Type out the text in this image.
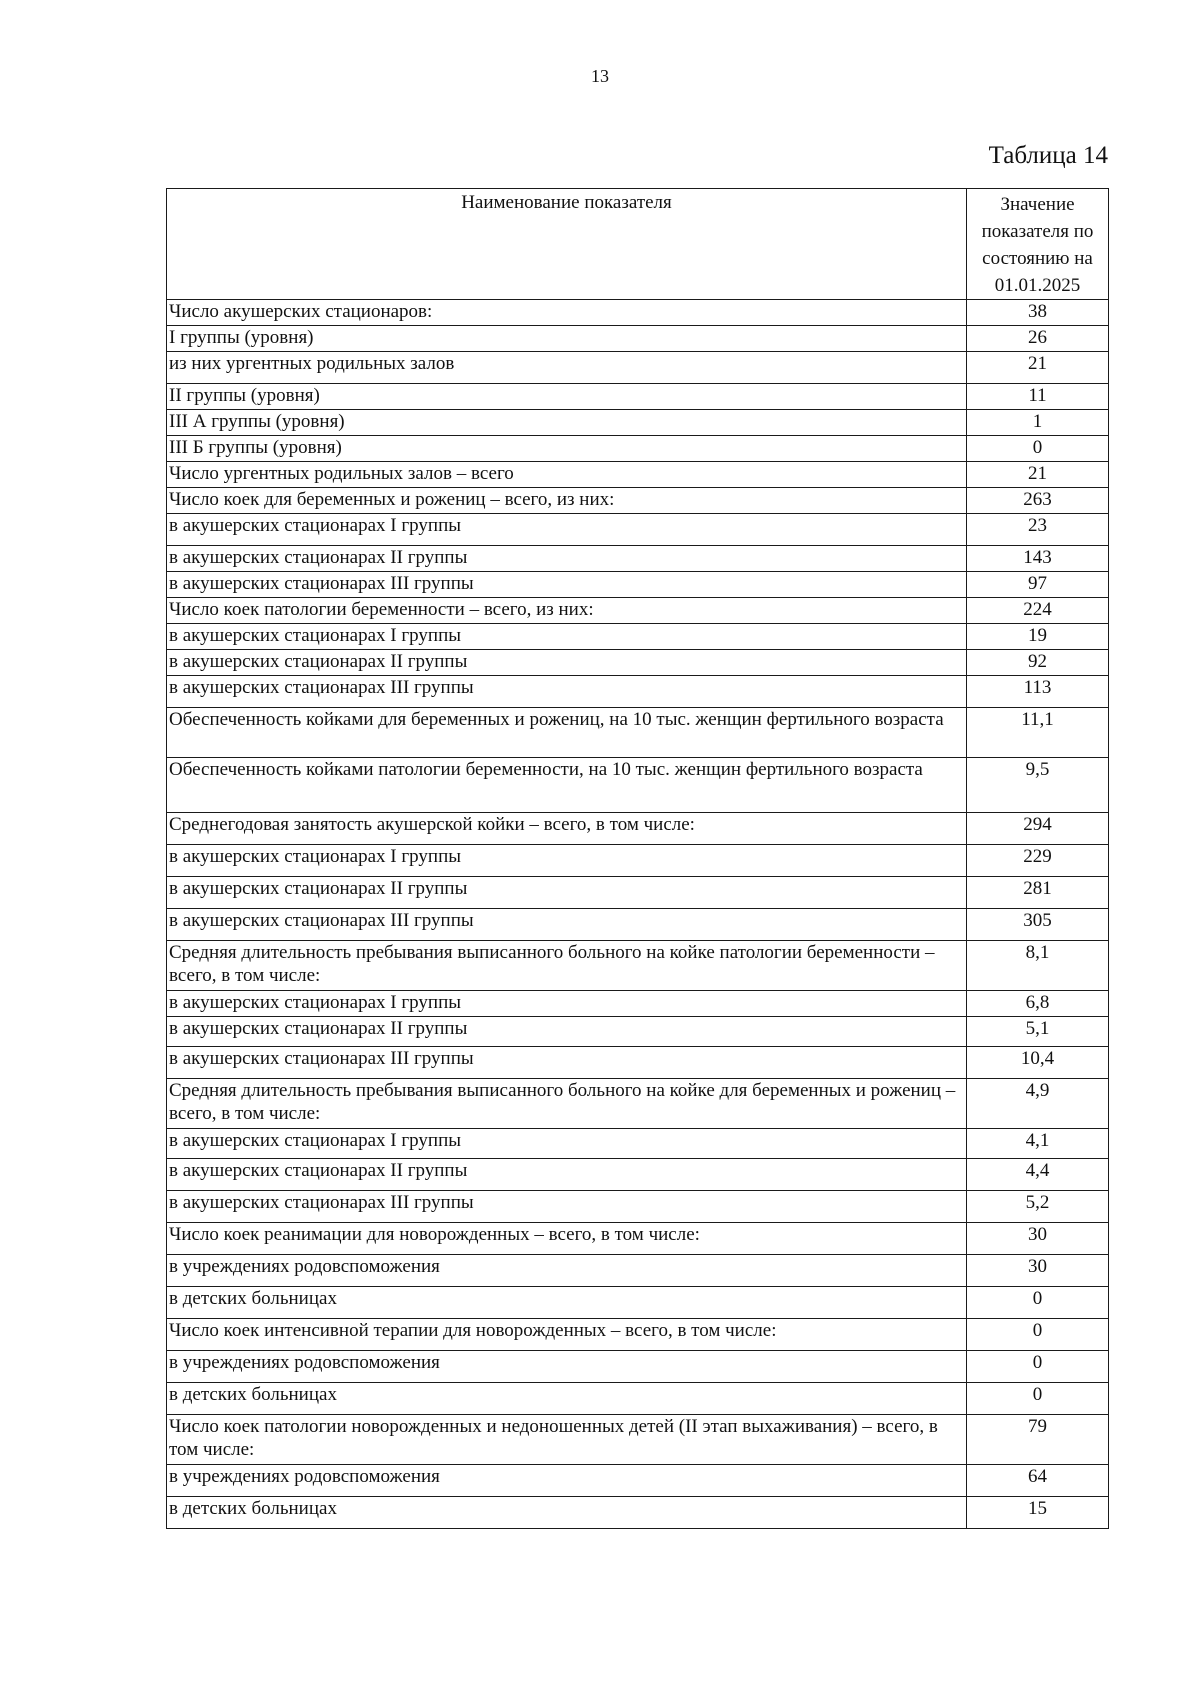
13
Таблица 14
Наименование показателя	Значение показателя по состоянию на 01.01.2025
Число акушерских стационаров:	38
I группы (уровня)	26
из них ургентных родильных залов	21
II группы (уровня)	11
III А группы (уровня)	1
III Б группы (уровня)	0
Число ургентных родильных залов – всего	21
Число коек для беременных и рожениц – всего, из них:	263
в акушерских стационарах I группы	23
в акушерских стационарах II группы	143
в акушерских стационарах III группы	97
Число коек патологии беременности – всего, из них:	224
в акушерских стационарах I группы	19
в акушерских стационарах II группы	92
в акушерских стационарах III группы	113
Обеспеченность койками для беременных и рожениц, на 10 тыс. женщин фертильного возраста	11,1
Обеспеченность койками патологии беременности, на 10 тыс. женщин фертильного возраста	9,5
Среднегодовая занятость акушерской койки – всего, в том числе:	294
в акушерских стационарах I группы	229
в акушерских стационарах II группы	281
в акушерских стационарах III группы	305
Средняя длительность пребывания выписанного больного на койке патологии беременности – всего, в том числе:	8,1
в акушерских стационарах I группы	6,8
в акушерских стационарах II группы	5,1
в акушерских стационарах III группы	10,4
Средняя длительность пребывания выписанного больного на койке для беременных и рожениц – всего, в том числе:	4,9
в акушерских стационарах I группы	4,1
в акушерских стационарах II группы	4,4
в акушерских стационарах III группы	5,2
Число коек реанимации для новорожденных – всего, в том числе:	30
в учреждениях родовспоможения	30
в детских больницах	0
Число коек интенсивной терапии для новорожденных – всего, в том числе:	0
в учреждениях родовспоможения	0
в детских больницах	0
Число коек патологии новорожденных и недоношенных детей (II этап выхаживания) – всего, в том числе:	79
в учреждениях родовспоможения	64
в детских больницах	15
